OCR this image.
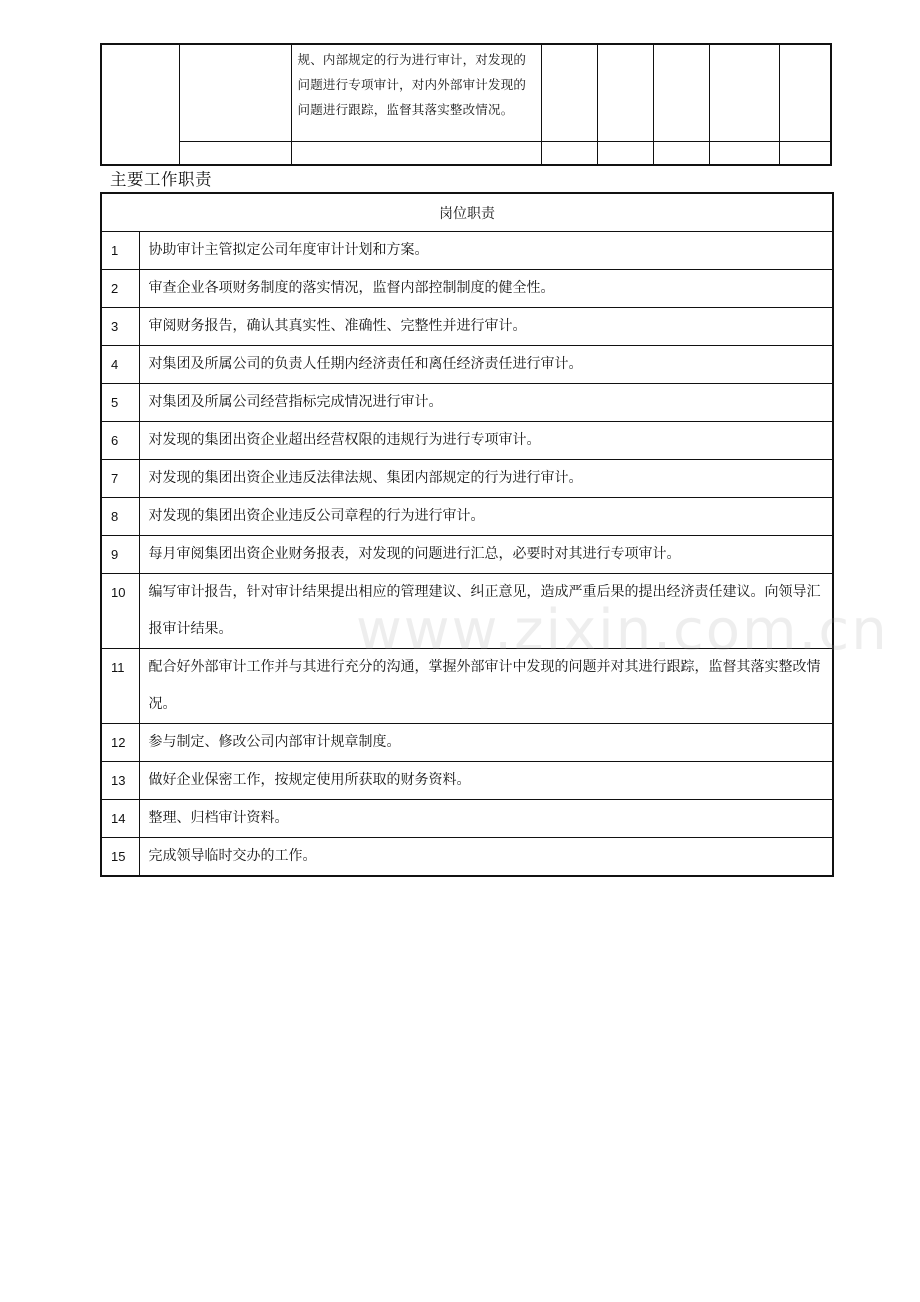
		规、内部规定的行为进行审计，对发现的问题进行专项审计，对内外部审计发现的问题进行跟踪，监督其落实整改情况。					

主要工作职责
岗位职责	
1	协助审计主管拟定公司年度审计计划和方案。
2	审查企业各项财务制度的落实情况，监督内部控制制度的健全性。
3	审阅财务报告，确认其真实性、准确性、完整性并进行审计。
4	对集团及所属公司的负责人任期内经济责任和离任经济责任进行审计。
5	对集团及所属公司经营指标完成情况进行审计。
6	对发现的集团出资企业超出经营权限的违规行为进行专项审计。
7	对发现的集团出资企业违反法律法规、集团内部规定的行为进行审计。
8	对发现的集团出资企业违反公司章程的行为进行审计。
9	每月审阅集团出资企业财务报表，对发现的问题进行汇总，必要时对其进行专项审计。
10	编写审计报告，针对审计结果提出相应的管理建议、纠正意见，造成严重后果的提出经济责任建议。向领导汇报审计结果。
11	配合好外部审计工作并与其进行充分的沟通，掌握外部审计中发现的问题并对其进行跟踪，监督其落实整改情况。
12	参与制定、修改公司内部审计规章制度。
13	做好企业保密工作，按规定使用所获取的财务资料。
14	整理、归档审计资料。
15	完成领导临时交办的工作。
www.zixin.com.cn
